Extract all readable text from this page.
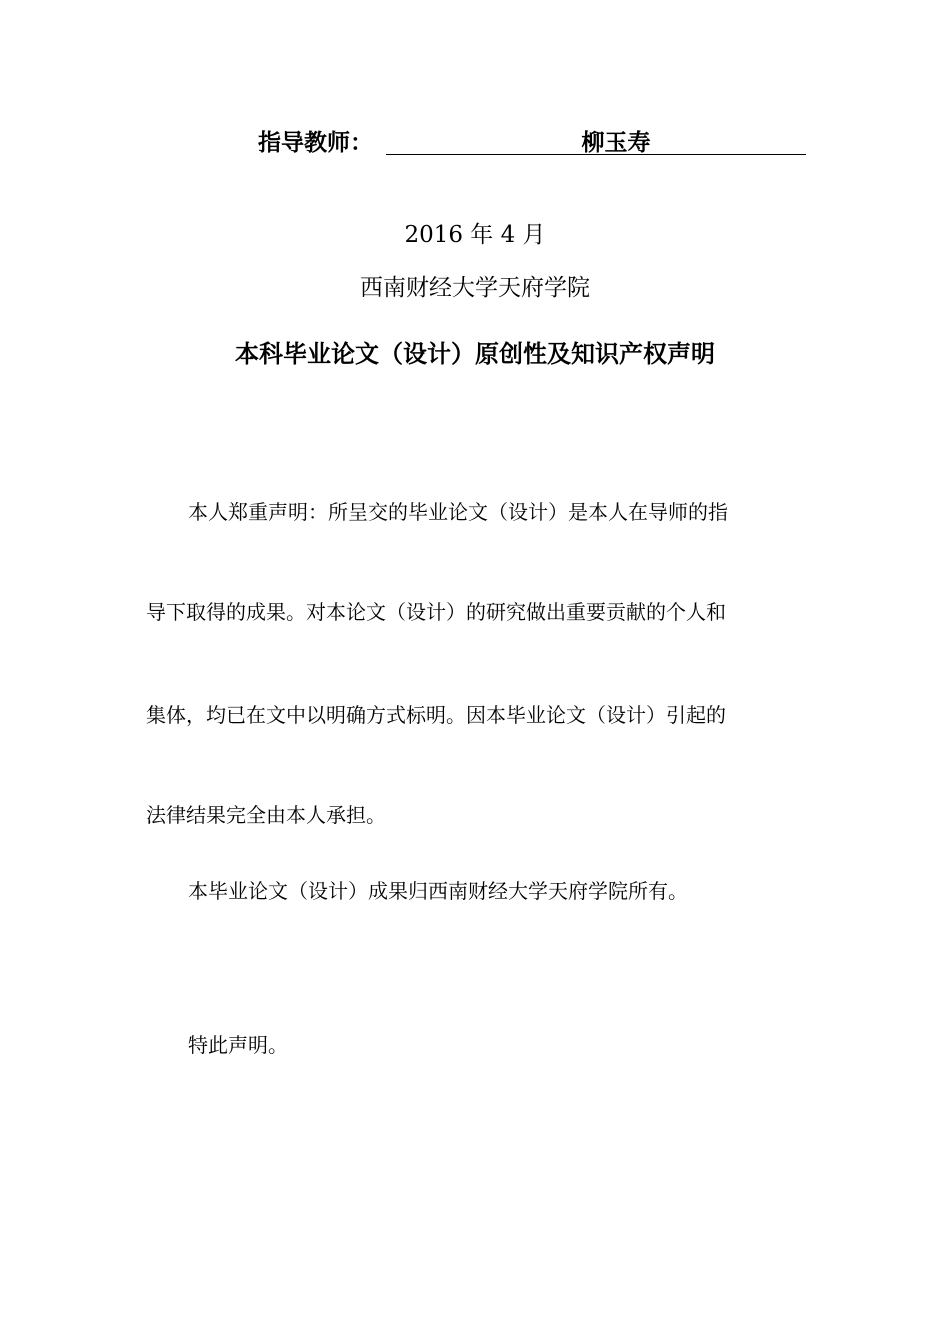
指导教师：	柳玉寿
2016 年 4 月
西南财经大学天府学院
本科毕业论文（设计）原创性及知识产权声明
本人郑重声明：所呈交的毕业论文（设计）是本人在导师的指
导下取得的成果。对本论文（设计）的研究做出重要贡献的个人和
集体，均已在文中以明确方式标明。因本毕业论文（设计）引起的
法律结果完全由本人承担。
本毕业论文（设计）成果归西南财经大学天府学院所有。
特此声明。
